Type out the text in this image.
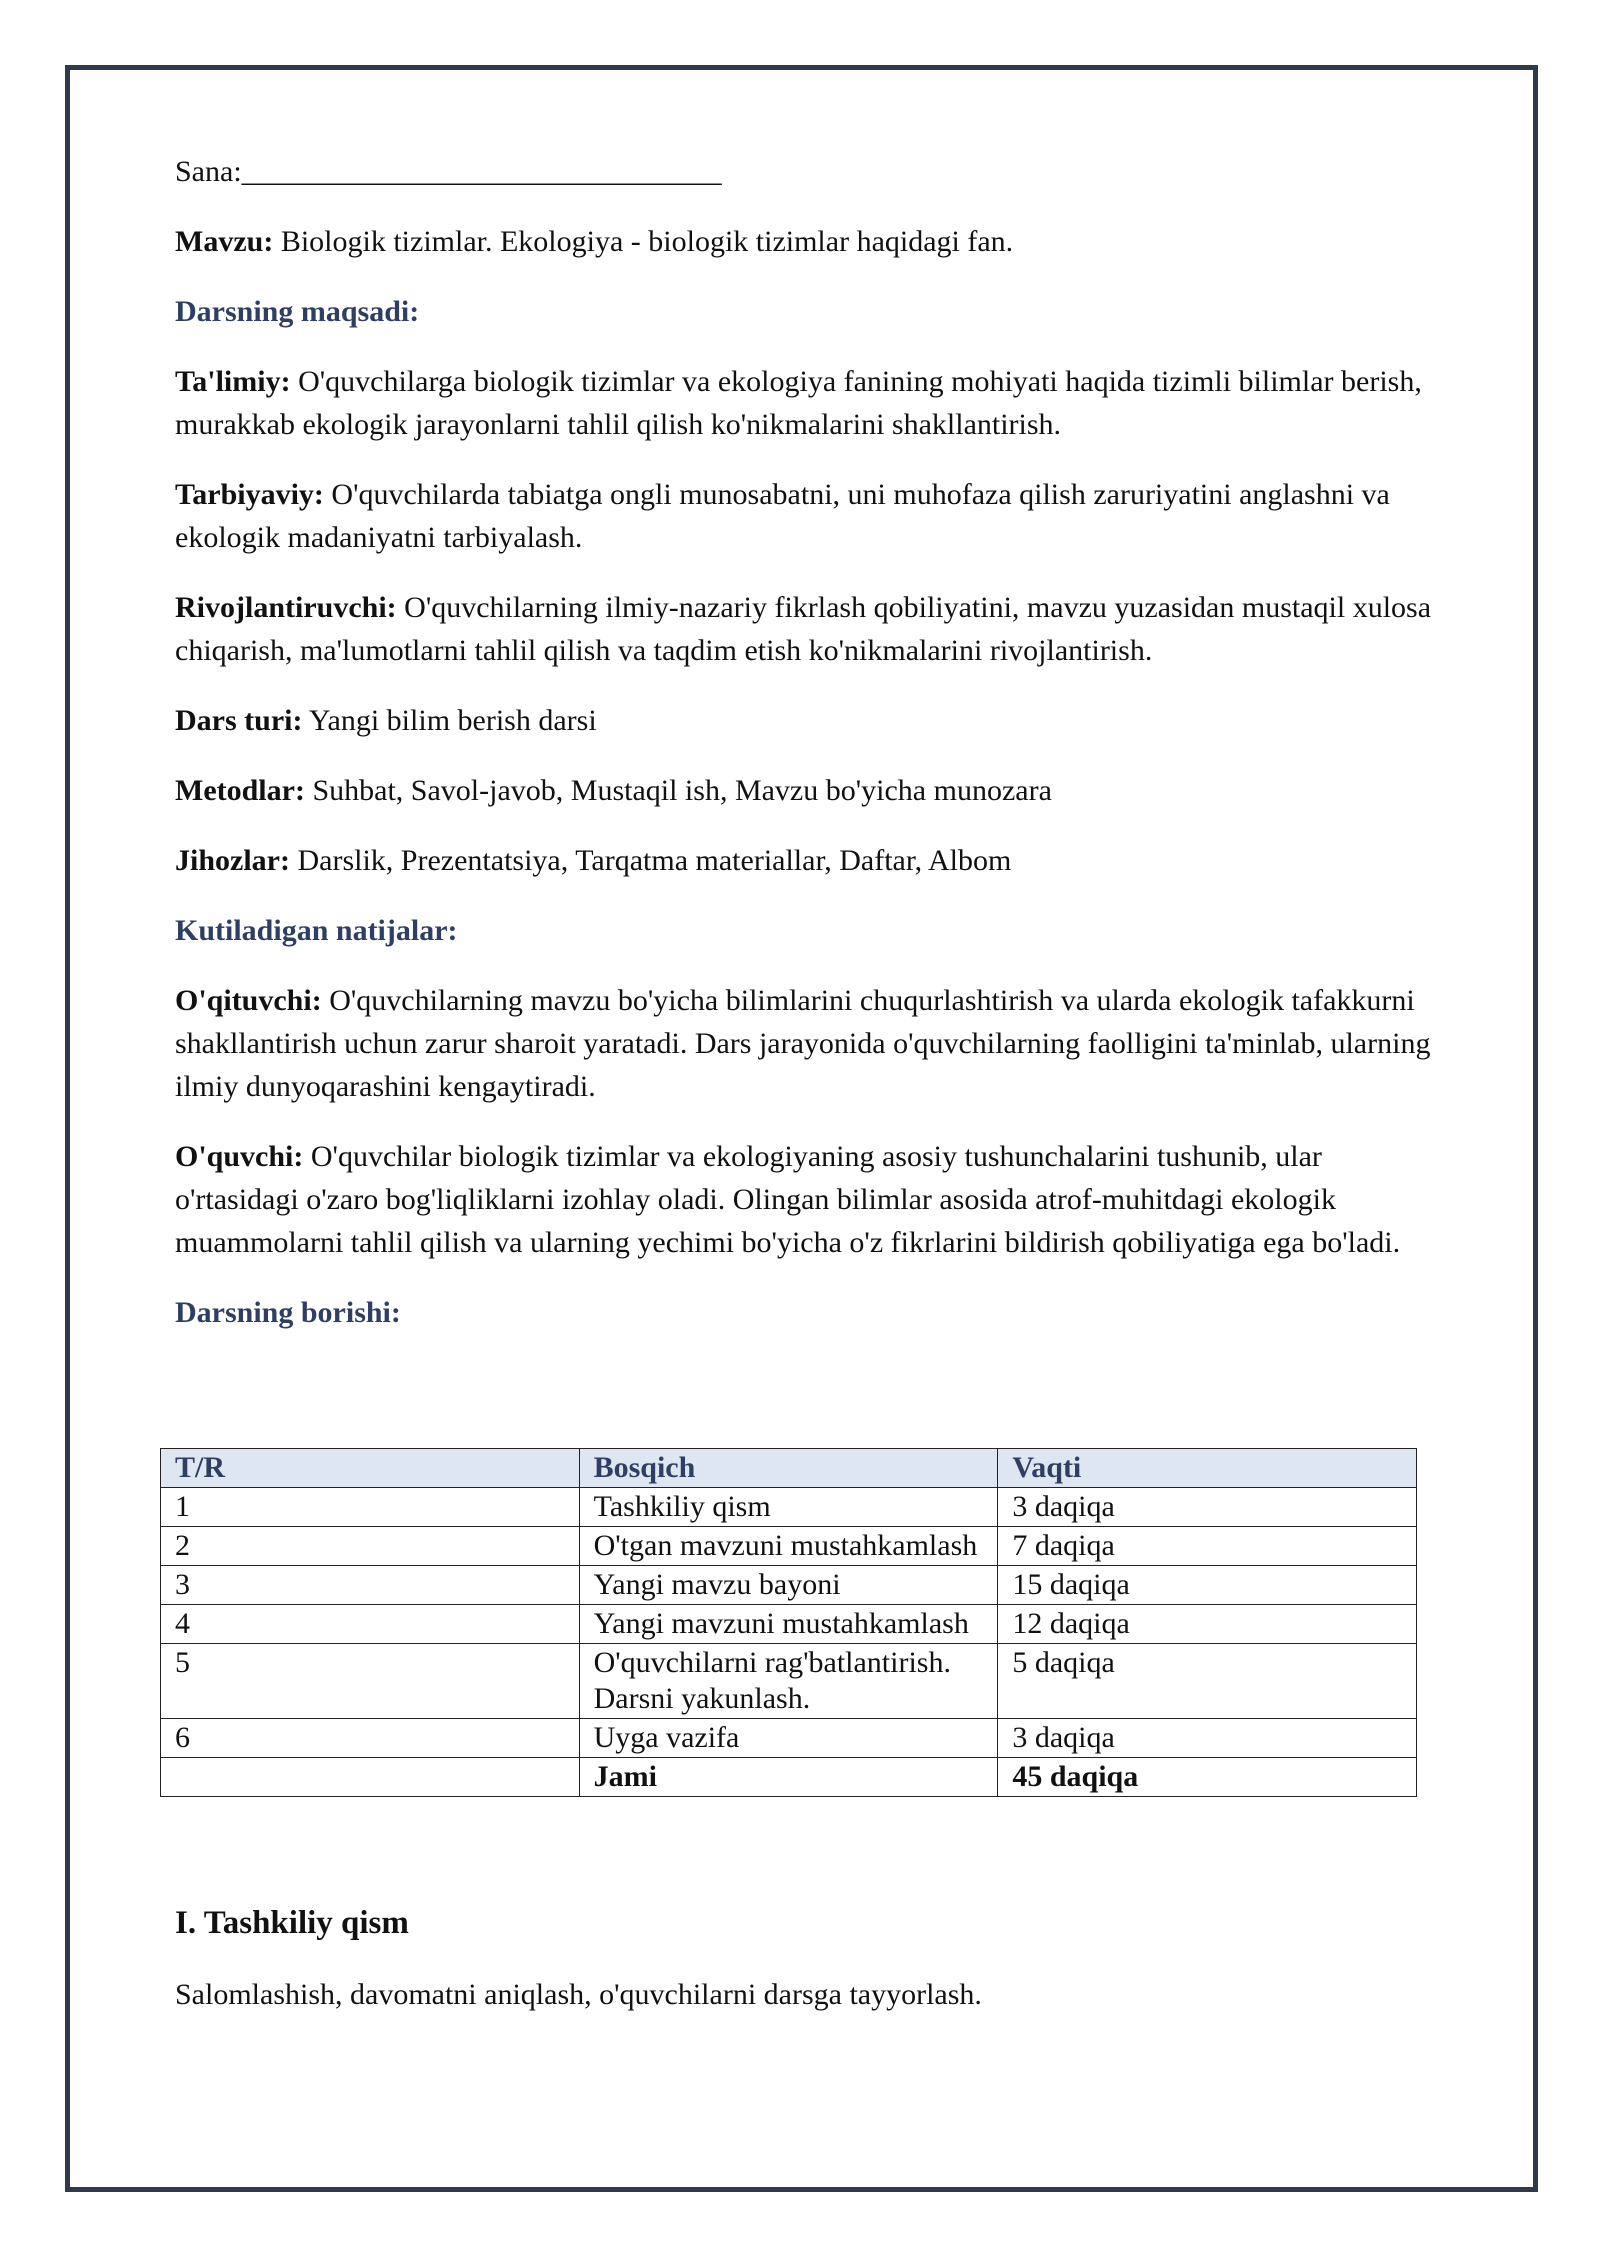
Sana:________________________________

Mavzu: Biologik tizimlar. Ekologiya - biologik tizimlar haqidagi fan.

Darsning maqsadi:

Ta'limiy: O'quvchilarga biologik tizimlar va ekologiya fanining mohiyati haqida tizimli bilimlar berish, murakkab ekologik jarayonlarni tahlil qilish ko'nikmalarini shakllantirish.

Tarbiyaviy: O'quvchilarda tabiatga ongli munosabatni, uni muhofaza qilish zaruriyatini anglashni va ekologik madaniyatni tarbiyalash.

Rivojlantiruvchi: O'quvchilarning ilmiy-nazariy fikrlash qobiliyatini, mavzu yuzasidan mustaqil xulosa chiqarish, ma'lumotlarni tahlil qilish va taqdim etish ko'nikmalarini rivojlantirish.

Dars turi: Yangi bilim berish darsi

Metodlar: Suhbat, Savol-javob, Mustaqil ish, Mavzu bo'yicha munozara

Jihozlar: Darslik, Prezentatsiya, Tarqatma materiallar, Daftar, Albom

Kutiladigan natijalar:

O'qituvchi: O'quvchilarning mavzu bo'yicha bilimlarini chuqurlashtirish va ularda ekologik tafakkurni shakllantirish uchun zarur sharoit yaratadi. Dars jarayonida o'quvchilarning faolligini ta'minlab, ularning ilmiy dunyoqarashini kengaytiradi.

O'quvchi: O'quvchilar biologik tizimlar va ekologiyaning asosiy tushunchalarini tushunib, ular o'rtasidagi o'zaro bog'liqliklarni izohlay oladi. Olingan bilimlar asosida atrof-muhitdagi ekologik muammolarni tahlil qilish va ularning yechimi bo'yicha o'z fikrlarini bildirish qobiliyatiga ega bo'ladi.

Darsning borishi:

T/R	Bosqich	Vaqti
1	Tashkiliy qism	3 daqiqa
2	O'tgan mavzuni mustahkamlash	7 daqiqa
3	Yangi mavzu bayoni	15 daqiqa
4	Yangi mavzuni mustahkamlash	12 daqiqa
5	O'quvchilarni rag'batlantirish. Darsni yakunlash.	5 daqiqa
6	Uyga vazifa	3 daqiqa
	Jami	45 daqiqa
I. Tashkiliy qism
Salomlashish, davomatni aniqlash, o'quvchilarni darsga tayyorlash.
